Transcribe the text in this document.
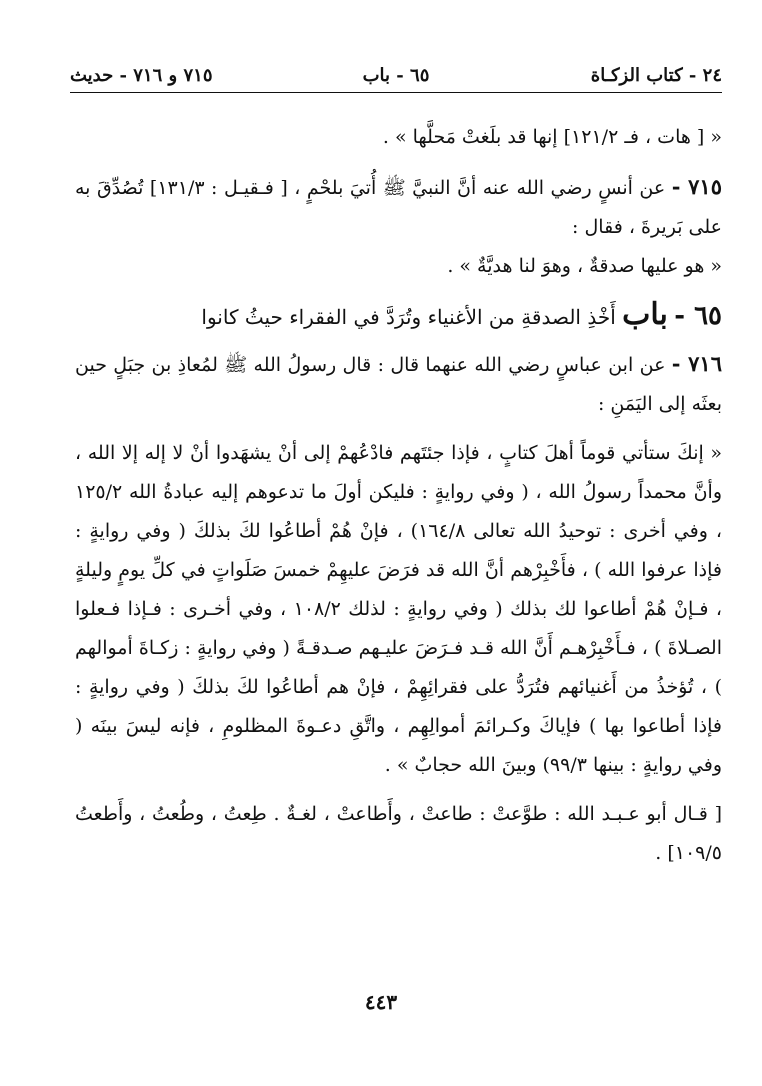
٢٤ - كتاب الزكـاة
٦٥ - باب
٧١٥ و ٧١٦ - حديث

« [ هات ، فـ ١٢١/٢] إنها قد بلَغتْ مَحلَّها » .

٧١٥ - عن أنسٍ رضي الله عنه أنَّ النبيَّ ﷺ أُتيَ بلحْمٍ ، [ فـقيـل : ١٣١/٣] تُصُدِّقَ به على بَريرةَ ، فقال :

« هو عليها صدقةٌ ، وهوَ لنا هديَّةٌ » .

٦٥ - باب أَخْذِ الصدقةِ من الأغنياء وتُرَدَّ في الفقراء حيثُ كانوا

٧١٦ - عن ابن عباسٍ رضي الله عنهما قال : قال رسولُ الله ﷺ لمُعاذِ بن جبَلٍ حين بعثَه إلى اليَمَنِ :

« إنكَ ستأتي قوماً أهلَ كتابٍ ، فإذا جئتَهم فادْعُهمْ إلى أنْ يشهَدوا أنْ لا إله إلا الله ، وأنَّ محمداً رسولُ الله ، ( وفي روايةٍ : فليكن أولَ ما تدعوهم إليه عبادةُ الله ١٢٥/٢ ، وفي أخرى : توحيدُ الله تعالى ١٦٤/٨) ، فإنْ هُمْ أطاعُوا لكَ بذلكَ ( وفي روايةٍ : فإذا عرفوا الله ) ، فأَخْبِرْهم أنَّ الله قد فرَضَ عليهِمْ خمسَ صَلَواتٍ في كلِّ يومٍ وليلةٍ ، فـإنْ هُمْ أطاعوا لك بذلك ( وفي روايةٍ : لذلك ١٠٨/٢ ، وفي أخـرى : فـإذا فـعلوا الصـلاةَ ) ، فـأَخْبِرْهـم أَنَّ الله قـد فـرَضَ عليـهم صـدقـةً ( وفي روايةٍ : زكـاةَ أموالهم ) ، تُؤخذُ من أَغنيائهم فتُرَدُّ على فقرائِهِمْ ، فإنْ هم أطاعُوا لكَ بذلكَ ( وفي روايةٍ : فإذا أطاعوا بها ) فإياكَ وكـرائمَ أموالِهِم ، واتَّقِ دعـوةَ المظلومِ ، فإنه ليسَ بينَه ( وفي روايةٍ : بينها ٩٩/٣) وبينَ الله حجابٌ » .

[ قـال أبو عـبـد الله : طوَّعتْ : طاعتْ ، وأَطاعتْ ، لغـةٌ . طِعتُ ، وطُعتُ ، وأَطعتُ ١٠٩/٥] .

٤٤٣
